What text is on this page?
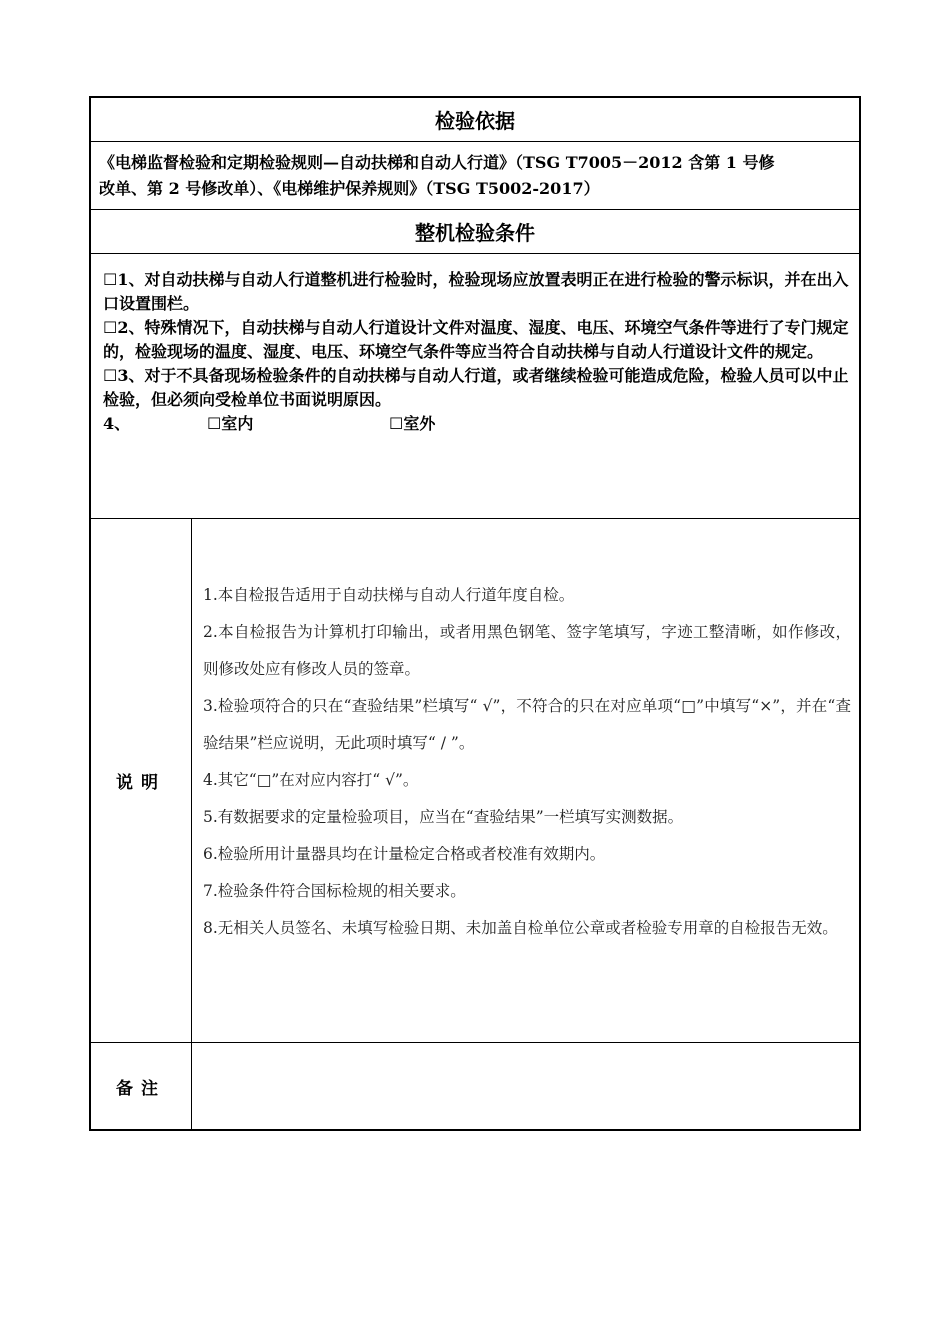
检验依据

《电梯监督检验和定期检验规则—自动扶梯和自动人行道》（TSG T7005－2012 含第 1 号修

改单、第 2 号修改单）、《电梯维护保养规则》（TSG T5002-2017）

整机检验条件

☐1、对自动扶梯与自动人行道整机进行检验时，检验现场应放置表明正在进行检验的警示标识，并在出入口设置围栏。

☐2、特殊情况下，自动扶梯与自动人行道设计文件对温度、湿度、电压、环境空气条件等进行了专门规定的，检验现场的温度、湿度、电压、环境空气条件等应当符合自动扶梯与自动人行道设计文件的规定。

☐3、对于不具备现场检验条件的自动扶梯与自动人行道，或者继续检验可能造成危险，检验人员可以中止检验，但必须向受检单位书面说明原因。

4、	☐室内	☐室外
说明

1.本自检报告适用于自动扶梯与自动人行道年度自检。

2.本自检报告为计算机打印输出，或者用黑色钢笔、签字笔填写，字迹工整清晰，如作修改，则修改处应有修改人员的签章。

3.检验项符合的只在“查验结果”栏填写“ √”，不符合的只在对应单项“□”中填写“×”，并在“查验结果”栏应说明，无此项时填写“ / ”。

4.其它“□”在对应内容打“ √”。

5.有数据要求的定量检验项目，应当在“查验结果”一栏填写实测数据。

6.检验所用计量器具均在计量检定合格或者校准有效期内。

7.检验条件符合国标检规的相关要求。

8.无相关人员签名、未填写检验日期、未加盖自检单位公章或者检验专用章的自检报告无效。

备注
